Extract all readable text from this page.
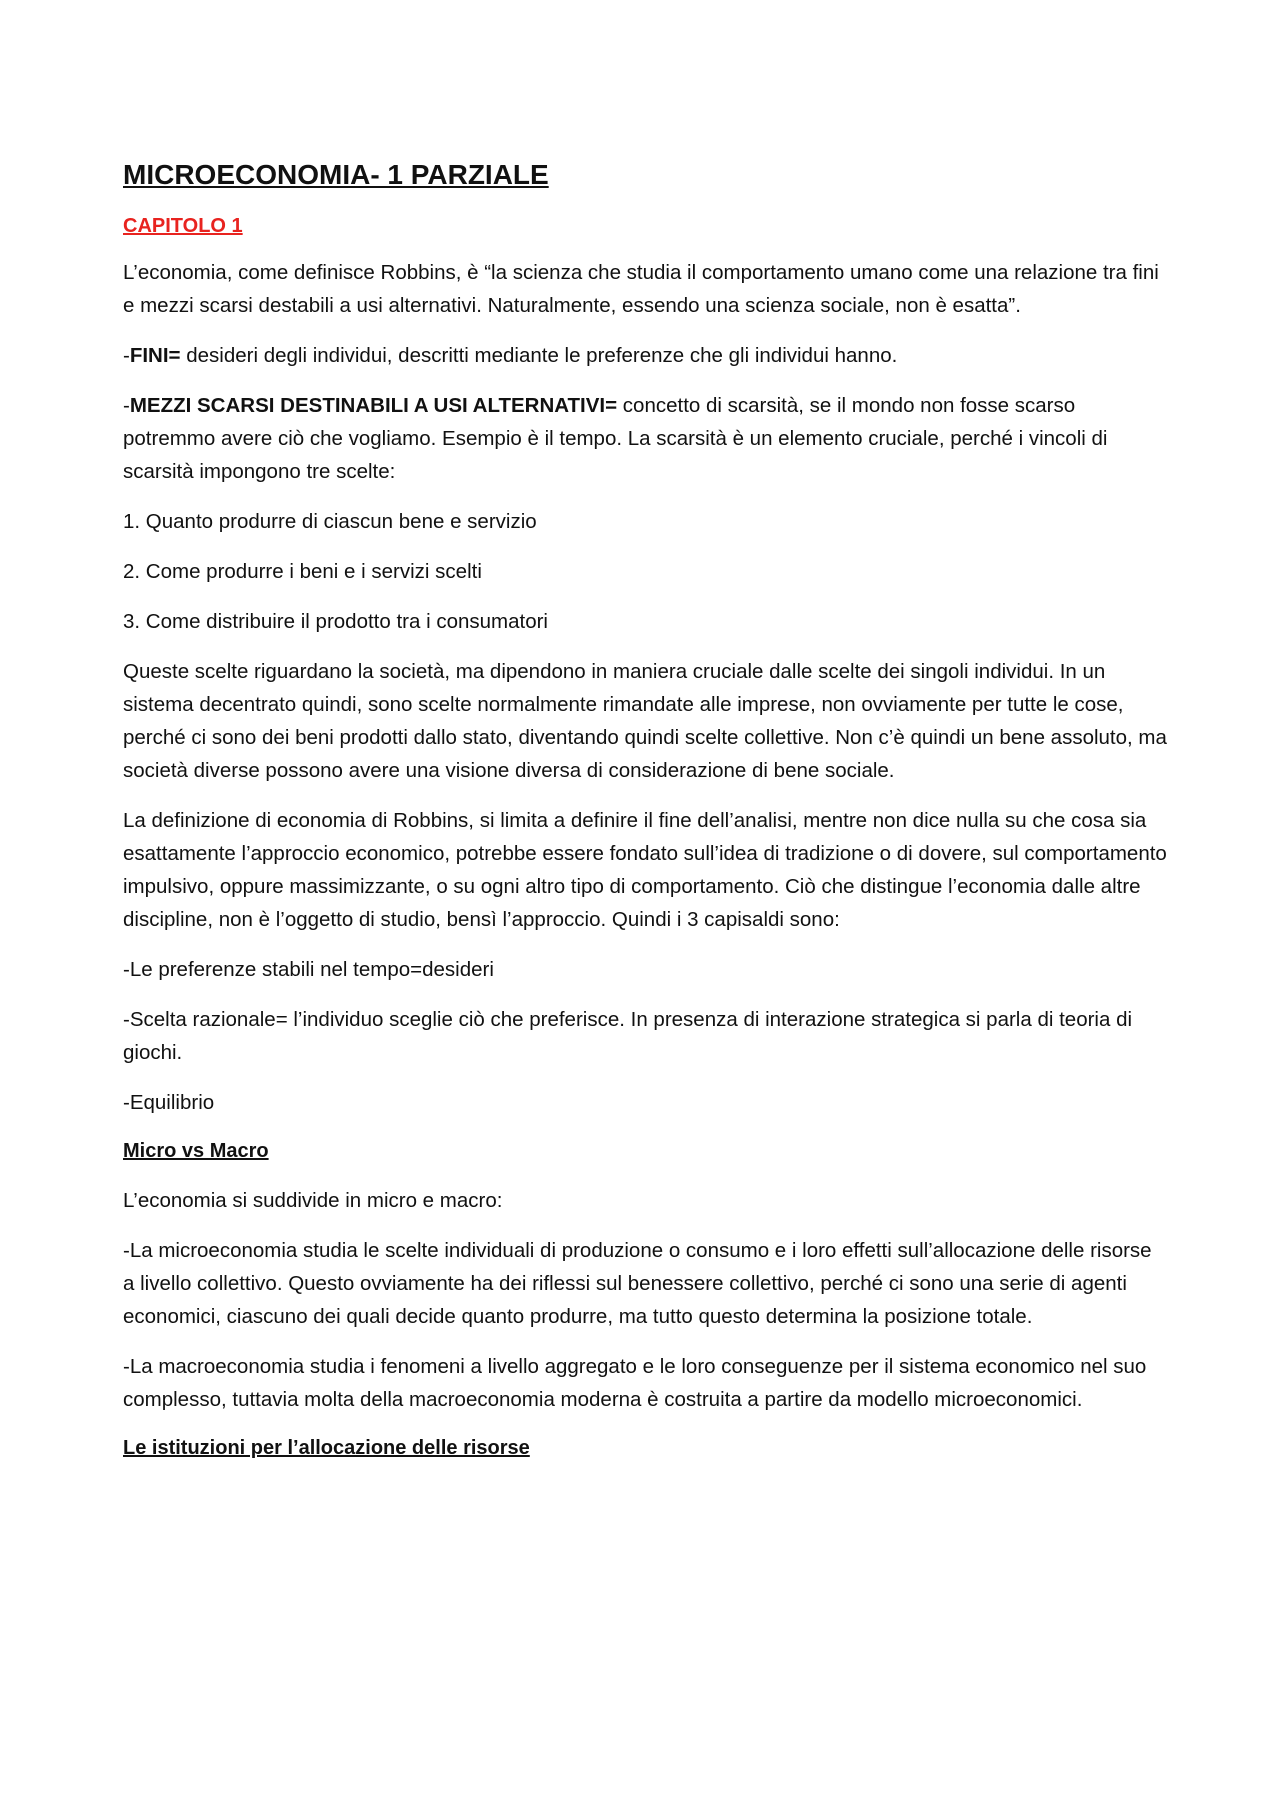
MICROECONOMIA- 1 PARZIALE
CAPITOLO 1

L’economia, come definisce Robbins, è “la scienza che studia il comportamento umano come una relazione tra fini e mezzi scarsi destabili a usi alternativi. Naturalmente, essendo una scienza sociale, non è esatta”.

-FINI= desideri degli individui, descritti mediante le preferenze che gli individui hanno.

-MEZZI SCARSI DESTINABILI A USI ALTERNATIVI= concetto di scarsità, se il mondo non fosse scarso potremmo avere ciò che vogliamo. Esempio è il tempo. La scarsità è un elemento cruciale, perché i vincoli di scarsità impongono tre scelte:

1. Quanto produrre di ciascun bene e servizio

2. Come produrre i beni e i servizi scelti

3. Come distribuire il prodotto tra i consumatori

Queste scelte riguardano la società, ma dipendono in maniera cruciale dalle scelte dei singoli individui. In un sistema decentrato quindi, sono scelte normalmente rimandate alle imprese, non ovviamente per tutte le cose, perché ci sono dei beni prodotti dallo stato, diventando quindi scelte collettive. Non c’è quindi un bene assoluto, ma società diverse possono avere una visione diversa di considerazione di bene sociale.

La definizione di economia di Robbins, si limita a definire il fine dell’analisi, mentre non dice nulla su che cosa sia esattamente l’approccio economico, potrebbe essere fondato sull’idea di tradizione o di dovere, sul comportamento impulsivo, oppure massimizzante, o su ogni altro tipo di comportamento. Ciò che distingue l’economia dalle altre discipline, non è l’oggetto di studio, bensì l’approccio. Quindi i 3 capisaldi sono:

-Le preferenze stabili nel tempo=desideri

-Scelta razionale= l’individuo sceglie ciò che preferisce. In presenza di interazione strategica si parla di teoria di giochi.

-Equilibrio

Micro vs Macro

L’economia si suddivide in micro e macro:

-La microeconomia studia le scelte individuali di produzione o consumo e i loro effetti sull’allocazione delle risorse a livello collettivo. Questo ovviamente ha dei riflessi sul benessere collettivo, perché ci sono una serie di agenti economici, ciascuno dei quali decide quanto produrre, ma tutto questo determina la posizione totale.

-La macroeconomia studia i fenomeni a livello aggregato e le loro conseguenze per il sistema economico nel suo complesso, tuttavia molta della macroeconomia moderna è costruita a partire da modello microeconomici.

Le istituzioni per l’allocazione delle risorse
